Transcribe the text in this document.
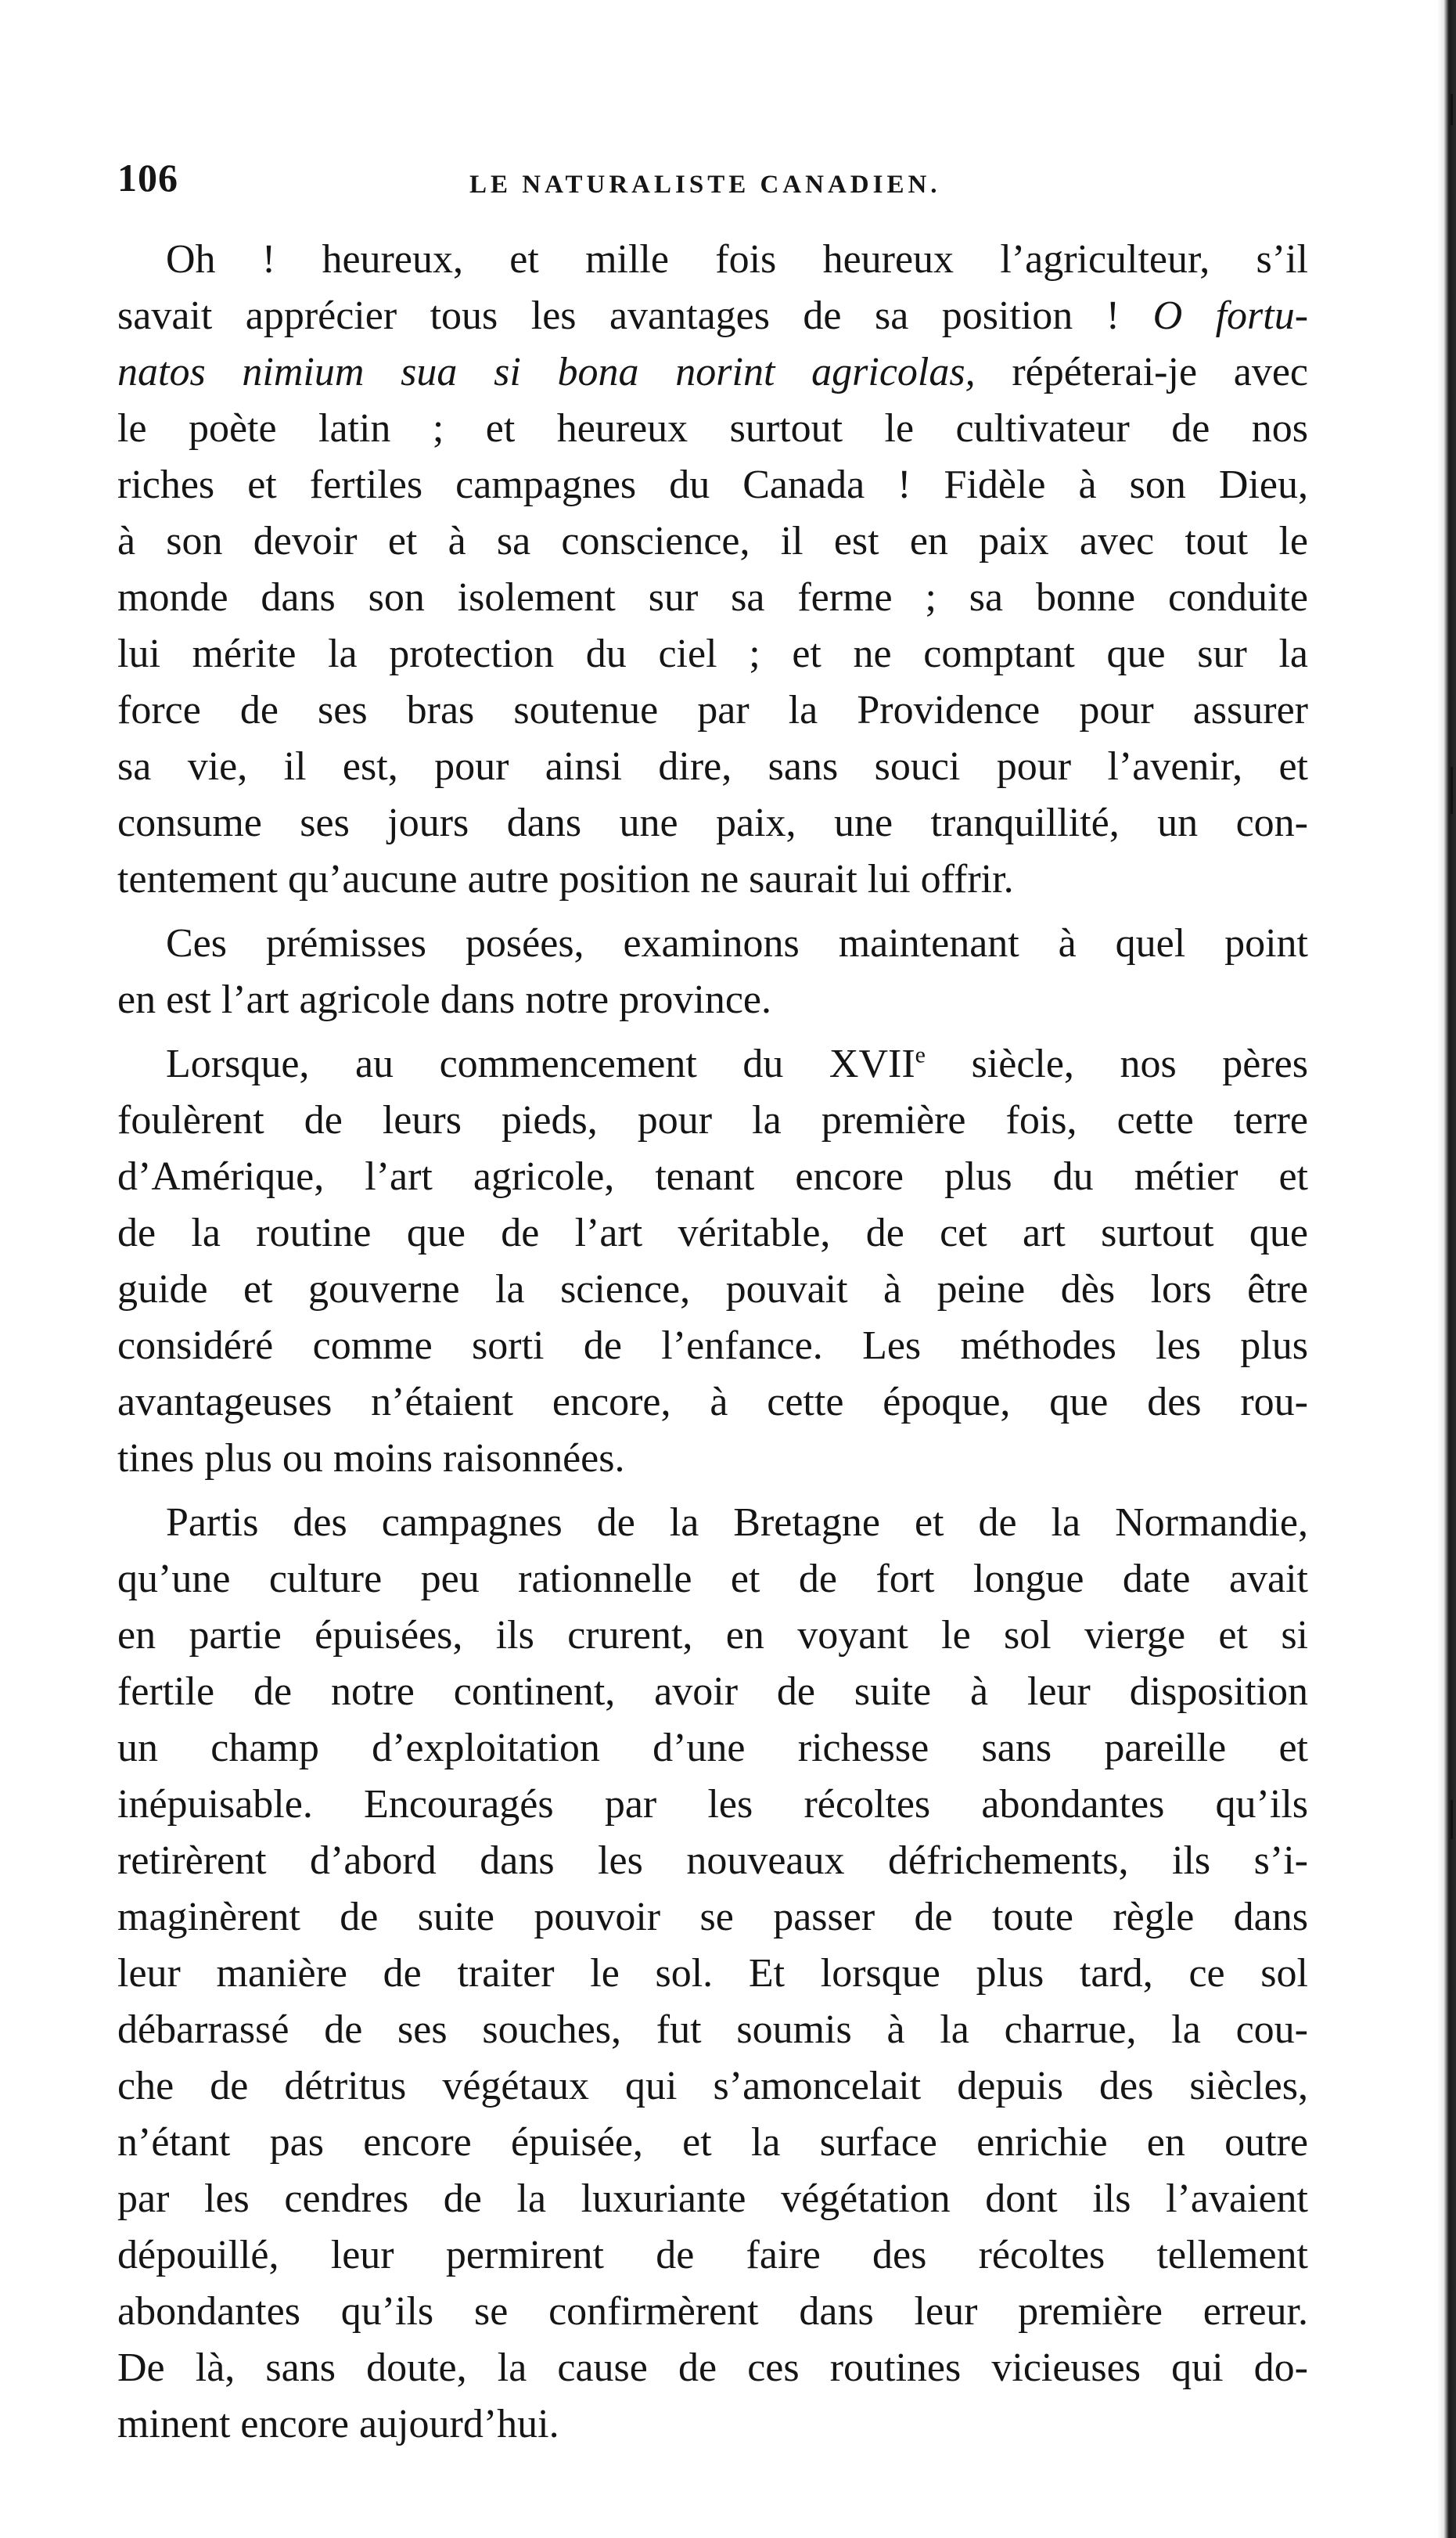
106	LE NATURALISTE CANADIEN.
Oh ! heureux, et mille fois heureux l’agriculteur, s’il
savait apprécier tous les avantages de sa position ! O fortu-
natos nimium sua si bona norint agricolas, répéterai-je avec
le poète latin ; et heureux surtout le cultivateur de nos
riches et fertiles campagnes du Canada ! Fidèle à son Dieu,
à son devoir et à sa conscience, il est en paix avec tout le
monde dans son isolement sur sa ferme ; sa bonne conduite
lui mérite la protection du ciel ; et ne comptant que sur la
force de ses bras soutenue par la Providence pour assurer
sa vie, il est, pour ainsi dire, sans souci pour l’avenir, et
consume ses jours dans une paix, une tranquillité, un con-
tentement qu’aucune autre position ne saurait lui offrir.
Ces prémisses posées, examinons maintenant à quel point
en est l’art agricole dans notre province.
Lorsque, au commencement du XVIIe siècle, nos pères
foulèrent de leurs pieds, pour la première fois, cette terre
d’Amérique, l’art agricole, tenant encore plus du métier et
de la routine que de l’art véritable, de cet art surtout que
guide et gouverne la science, pouvait à peine dès lors être
considéré comme sorti de l’enfance. Les méthodes les plus
avantageuses n’étaient encore, à cette époque, que des rou-
tines plus ou moins raisonnées.
Partis des campagnes de la Bretagne et de la Normandie,
qu’une culture peu rationnelle et de fort longue date avait
en partie épuisées, ils crurent, en voyant le sol vierge et si
fertile de notre continent, avoir de suite à leur disposition
un champ d’exploitation d’une richesse sans pareille et
inépuisable. Encouragés par les récoltes abondantes qu’ils
retirèrent d’abord dans les nouveaux défrichements, ils s’i-
maginèrent de suite pouvoir se passer de toute règle dans
leur manière de traiter le sol. Et lorsque plus tard, ce sol
débarrassé de ses souches, fut soumis à la charrue, la cou-
che de détritus végétaux qui s’amoncelait depuis des siècles,
n’étant pas encore épuisée, et la surface enrichie en outre
par les cendres de la luxuriante végétation dont ils l’avaient
dépouillé, leur permirent de faire des récoltes tellement
abondantes qu’ils se confirmèrent dans leur première erreur.
De là, sans doute, la cause de ces routines vicieuses qui do-
minent encore aujourd’hui.
